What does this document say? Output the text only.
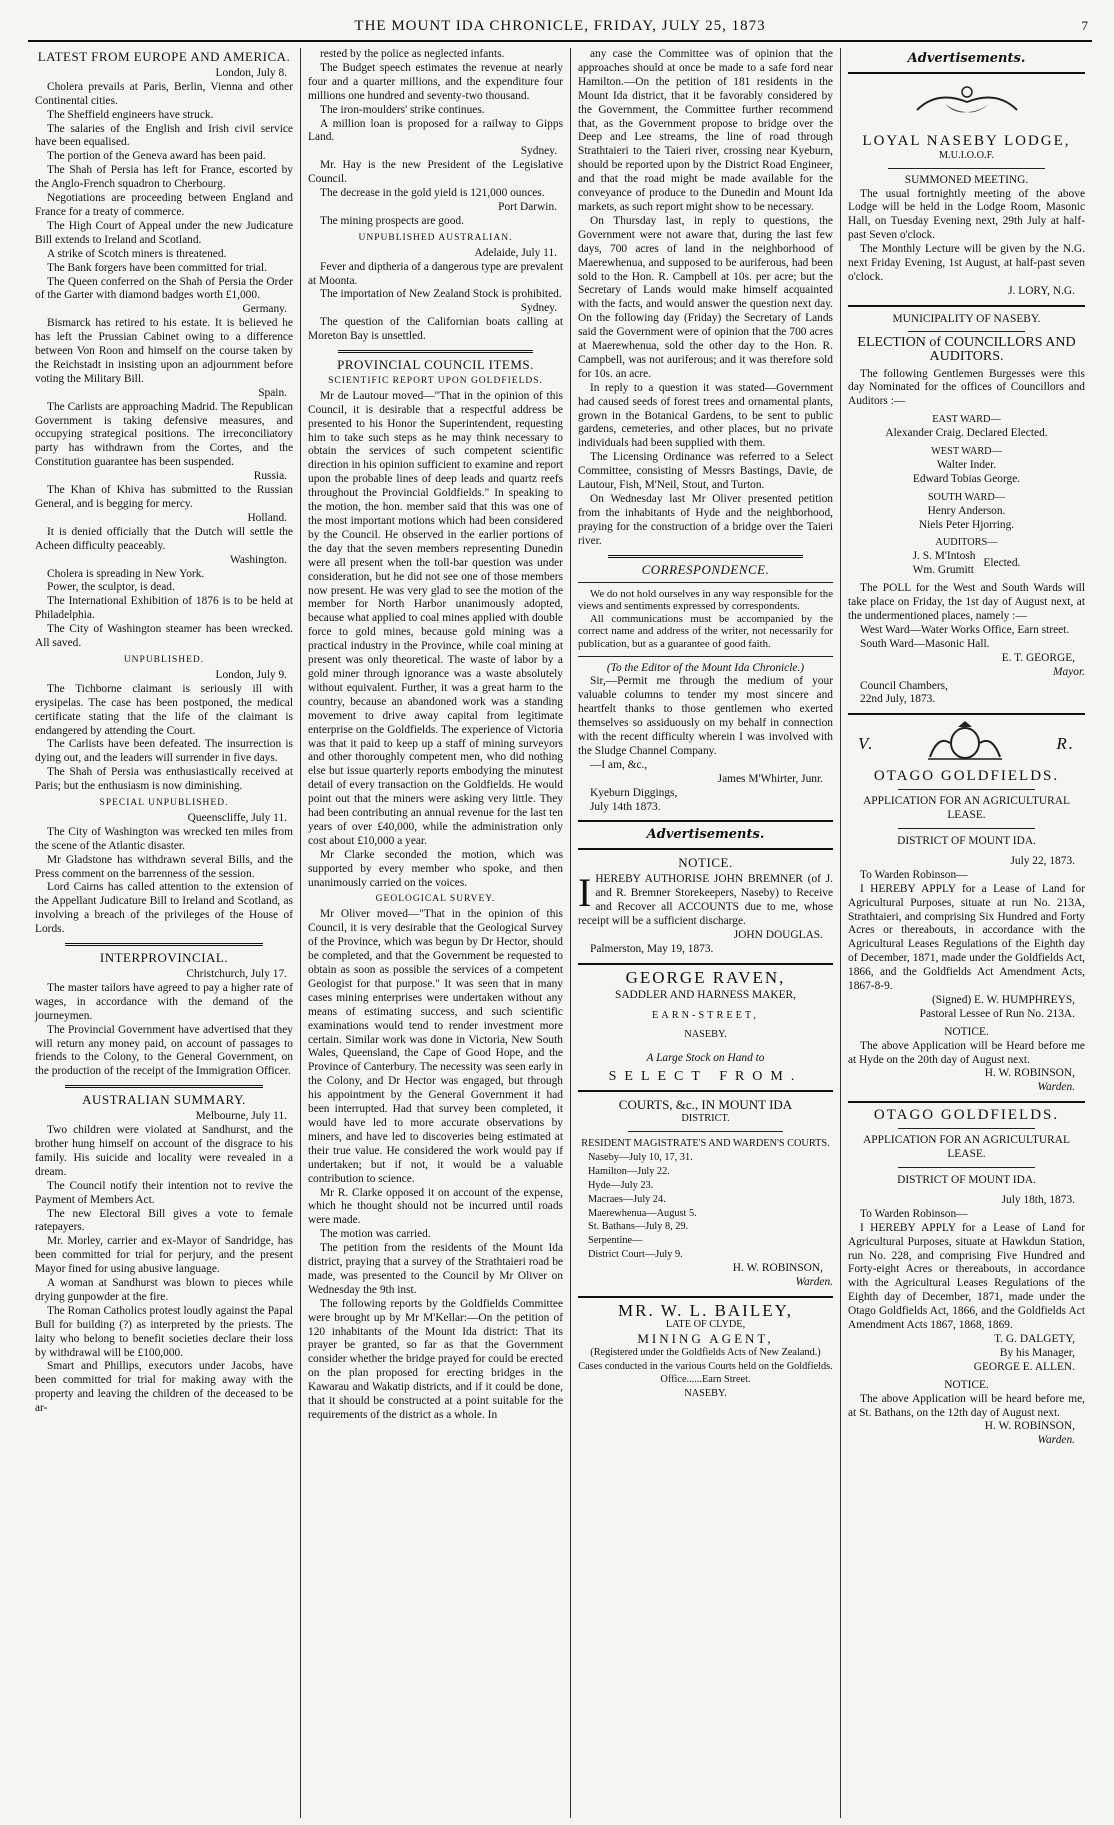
THE MOUNT IDA CHRONICLE, FRIDAY, JULY 25, 1873	7
LATEST FROM EUROPE AND AMERICA.

London, July 8.

Cholera prevails at Paris, Berlin, Vienna and other Continental cities.

The Sheffield engineers have struck.

The salaries of the English and Irish civil service have been equalised.

The portion of the Geneva award has been paid.

The Shah of Persia has left for France, escorted by the Anglo-French squadron to Cherbourg.

Negotiations are proceeding between England and France for a treaty of commerce.

The High Court of Appeal under the new Judicature Bill extends to Ireland and Scotland.

A strike of Scotch miners is threatened.

The Bank forgers have been committed for trial.

The Queen conferred on the Shah of Persia the Order of the Garter with diamond badges worth £1,000.

Germany.

Bismarck has retired to his estate. It is believed he has left the Prussian Cabinet owing to a difference between Von Roon and himself on the course taken by the Reichstadt in insisting upon an adjournment before voting the Military Bill.

Spain.

The Carlists are approaching Madrid. The Republican Government is taking defensive measures, and occupying strategical positions. The irreconciliatory party has withdrawn from the Cortes, and the Constitution guarantee has been suspended.

Russia.

The Khan of Khiva has submitted to the Russian General, and is begging for mercy.

Holland.

It is denied officially that the Dutch will settle the Acheen difficulty peaceably.

Washington.

Cholera is spreading in New York.

Power, the sculptor, is dead.

The International Exhibition of 1876 is to be held at Philadelphia.

The City of Washington steamer has been wrecked. All saved.

UNPUBLISHED.

London, July 9.

The Tichborne claimant is seriously ill with erysipelas. The case has been postponed, the medical certificate stating that the life of the claimant is endangered by attending the Court.

The Carlists have been defeated. The insurrection is dying out, and the leaders will surrender in five days.

The Shah of Persia was enthusiastically received at Paris; but the enthusiasm is now diminishing.

SPECIAL UNPUBLISHED.

Queenscliffe, July 11.

The City of Washington was wrecked ten miles from the scene of the Atlantic disaster.

Mr Gladstone has withdrawn several Bills, and the Press comment on the barrenness of the session.

Lord Cairns has called attention to the extension of the Appellant Judicature Bill to Ireland and Scotland, as involving a breach of the privileges of the House of Lords.

INTERPROVINCIAL.

Christchurch, July 17.

The master tailors have agreed to pay a higher rate of wages, in accordance with the demand of the journeymen.

The Provincial Government have advertised that they will return any money paid, on account of passages to friends to the Colony, to the General Government, on the production of the receipt of the Immigration Officer.

AUSTRALIAN SUMMARY.

Melbourne, July 11.

Two children were violated at Sandhurst, and the brother hung himself on account of the disgrace to his family. His suicide and locality were revealed in a dream.

The Council notify their intention not to revive the Payment of Members Act.

The new Electoral Bill gives a vote to female ratepayers.

Mr. Morley, carrier and ex-Mayor of Sandridge, has been committed for trial for perjury, and the present Mayor fined for using abusive language.

A woman at Sandhurst was blown to pieces while drying gunpowder at the fire.

The Roman Catholics protest loudly against the Papal Bull for building (?) as interpreted by the priests. The laity who belong to benefit societies declare their loss by withdrawal will be £100,000.

Smart and Phillips, executors under Jacobs, have been committed for trial for making away with the property and leaving the children of the deceased to be ar-

rested by the police as neglected infants.

The Budget speech estimates the revenue at nearly four and a quarter millions, and the expenditure four millions one hundred and seventy-two thousand.

The iron-moulders' strike continues.

A million loan is proposed for a railway to Gipps Land.

Sydney.

Mr. Hay is the new President of the Legislative Council.

The decrease in the gold yield is 121,000 ounces.

Port Darwin.

The mining prospects are good.

UNPUBLISHED AUSTRALIAN.

Adelaide, July 11.

Fever and diptheria of a dangerous type are prevalent at Moonta.

The importation of New Zealand Stock is prohibited.

Sydney.

The question of the Californian boats calling at Moreton Bay is unsettled.

PROVINCIAL COUNCIL ITEMS.

SCIENTIFIC REPORT UPON GOLDFIELDS.

Mr de Lautour moved—"That in the opinion of this Council, it is desirable that a respectful address be presented to his Honor the Superintendent, requesting him to take such steps as he may think necessary to obtain the services of such competent scientific direction in his opinion sufficient to examine and report upon the probable lines of deep leads and quartz reefs throughout the Provincial Goldfields." In speaking to the motion, the hon. member said that this was one of the most important motions which had been considered by the Council. He observed in the earlier portions of the day that the seven members representing Dunedin were all present when the toll-bar question was under consideration, but he did not see one of those members now present. He was very glad to see the motion of the member for North Harbor unanimously adopted, because what applied to coal mines applied with double force to gold mines, because gold mining was a practical industry in the Province, while coal mining at present was only theoretical. The waste of labor by a gold miner through ignorance was a waste absolutely without equivalent. Further, it was a great harm to the country, because an abandoned work was a standing movement to drive away capital from legitimate enterprise on the Goldfields. The experience of Victoria was that it paid to keep up a staff of mining surveyors and other thoroughly competent men, who did nothing else but issue quarterly reports embodying the minutest detail of every transaction on the Goldfields. He would point out that the miners were asking very little. They had been contributing an annual revenue for the last ten years of over £40,000, while the administration only cost about £10,000 a year.

Mr Clarke seconded the motion, which was supported by every member who spoke, and then unanimously carried on the voices.

GEOLOGICAL SURVEY.

Mr Oliver moved—"That in the opinion of this Council, it is very desirable that the Geological Survey of the Province, which was begun by Dr Hector, should be completed, and that the Government be requested to obtain as soon as possible the services of a competent Geologist for that purpose." It was seen that in many cases mining enterprises were undertaken without any means of estimating success, and such scientific examinations would tend to render investment more certain. Similar work was done in Victoria, New South Wales, Queensland, the Cape of Good Hope, and the Province of Canterbury. The necessity was seen early in the Colony, and Dr Hector was engaged, but through his appointment by the General Government it had been interrupted. Had that survey been completed, it would have led to more accurate observations by miners, and have led to discoveries being estimated at their true value. He considered the work would pay if undertaken; but if not, it would be a valuable contribution to science.

Mr R. Clarke opposed it on account of the expense, which he thought should not be incurred until roads were made.

The motion was carried.

The petition from the residents of the Mount Ida district, praying that a survey of the Strathtaieri road be made, was presented to the Council by Mr Oliver on Wednesday the 9th inst.

The following reports by the Goldfields Committee were brought up by Mr M'Kellar:—On the petition of 120 inhabitants of the Mount Ida district: That its prayer be granted, so far as that the Government consider whether the bridge prayed for could be erected on the plan proposed for erecting bridges in the Kawarau and Wakatip districts, and if it could be done, that it should be constructed at a point suitable for the requirements of the district as a whole. In

any case the Committee was of opinion that the approaches should at once be made to a safe ford near Hamilton.—On the petition of 181 residents in the Mount Ida district, that it be favorably considered by the Government, the Committee further recommend that, as the Government propose to bridge over the Deep and Lee streams, the line of road through Strathtaieri to the Taieri river, crossing near Kyeburn, should be reported upon by the District Road Engineer, and that the road might be made available for the conveyance of produce to the Dunedin and Mount Ida markets, as such report might show to be necessary.

On Thursday last, in reply to questions, the Government were not aware that, during the last few days, 700 acres of land in the neighborhood of Maerewhenua, and supposed to be auriferous, had been sold to the Hon. R. Campbell at 10s. per acre; but the Secretary of Lands would make himself acquainted with the facts, and would answer the question next day. On the following day (Friday) the Secretary of Lands said the Government were of opinion that the 700 acres at Maerewhenua, sold the other day to the Hon. R. Campbell, was not auriferous; and it was therefore sold for 10s. an acre.

In reply to a question it was stated—Government had caused seeds of forest trees and ornamental plants, grown in the Botanical Gardens, to be sent to public gardens, cemeteries, and other places, but no private individuals had been supplied with them.

The Licensing Ordinance was referred to a Select Committee, consisting of Messrs Bastings, Davie, de Lautour, Fish, M'Neil, Stout, and Turton.

On Wednesday last Mr Oliver presented petition from the inhabitants of Hyde and the neighborhood, praying for the construction of a bridge over the Taieri river.

CORRESPONDENCE.

We do not hold ourselves in any way responsible for the views and sentiments expressed by correspondents.

All communications must be accompanied by the correct name and address of the writer, not necessarily for publication, but as a guarantee of good faith.

(To the Editor of the Mount Ida Chronicle.)

Sir,—Permit me through the medium of your valuable columns to tender my most sincere and heartfelt thanks to those gentlemen who exerted themselves so assiduously on my behalf in connection with the recent difficulty wherein I was involved with the Sludge Channel Company.

—I am, &c.,

James M'Whirter, Junr.

Kyeburn Diggings,

July 14th 1873.

Advertisements.
NOTICE.
I HEREBY AUTHORISE JOHN BREMNER (of J. and R. Bremner Storekeepers, Naseby) to Receive and Recover all ACCOUNTS due to me, whose receipt will be a sufficient discharge.

JOHN DOUGLAS.

Palmerston, May 19, 1873.

GEORGE RAVEN,
SADDLER AND HARNESS MAKER,
EARN-STREET,
NASEBY.
A Large Stock on Hand to
SELECT FROM.
COURTS, &c., IN MOUNT IDA
DISTRICT.
RESIDENT MAGISTRATE'S AND WARDEN'S COURTS.
Naseby—July 10, 17, 31.
Hamilton—July 22.
Hyde—July 23.
Macraes—July 24.
Maerewhenua—August 5.
St. Bathans—July 8, 29.
Serpentine—
District Court—July 9.

H. W. ROBINSON,

Warden.

MR. W. L. BAILEY,
LATE OF CLYDE,
MINING AGENT,
(Registered under the Goldfields Acts of New Zealand.)
Cases conducted in the various Courts held on the Goldfields.
Office......Earn Street.
NASEBY.
Advertisements.
LOYAL NASEBY LODGE,
M.U.I.O.O.F.
SUMMONED MEETING.

The usual fortnightly meeting of the above Lodge will be held in the Lodge Room, Masonic Hall, on Tuesday Evening next, 29th July at half-past Seven o'clock.

The Monthly Lecture will be given by the N.G. next Friday Evening, 1st August, at half-past seven o'clock.

J. LORY, N.G.

MUNICIPALITY OF NASEBY.
ELECTION of COUNCILLORS AND AUDITORS.

The following Gentlemen Burgesses were this day Nominated for the offices of Councillors and Auditors :—

EAST WARD—
Alexander Craig. Declared Elected.
WEST WARD—
Walter Inder.
Edward Tobias George.
SOUTH WARD—
Henry Anderson.
Niels Peter Hjorring.
AUDITORS—
J. S. M'Intosh
Wm. Grumitt
Elected.

The POLL for the West and South Wards will take place on Friday, the 1st day of August next, at the undermentioned places, namely :—

West Ward—Water Works Office, Earn street.

South Ward—Masonic Hall.

E. T. GEORGE,

Mayor.

Council Chambers,

22nd July, 1873.

V.	R.
OTAGO GOLDFIELDS.
APPLICATION FOR AN AGRICULTURAL LEASE.
DISTRICT OF MOUNT IDA.

July 22, 1873.

To Warden Robinson—

I HEREBY APPLY for a Lease of Land for Agricultural Purposes, situate at run No. 213A, Strathtaieri, and comprising Six Hundred and Forty Acres or thereabouts, in accordance with the Agricultural Leases Regulations of the Eighth day of December, 1871, made under the Goldfields Act, 1866, and the Goldfields Act Amendment Acts, 1867-8-9.

(Signed) E. W. HUMPHREYS,

Pastoral Lessee of Run No. 213A.

NOTICE.

The above Application will be Heard before me at Hyde on the 20th day of August next.

H. W. ROBINSON,

Warden.

OTAGO GOLDFIELDS.
APPLICATION FOR AN AGRICULTURAL LEASE.
DISTRICT OF MOUNT IDA.

July 18th, 1873.

To Warden Robinson—

I HEREBY APPLY for a Lease of Land for Agricultural Purposes, situate at Hawkdun Station, run No. 228, and comprising Five Hundred and Forty-eight Acres or thereabouts, in accordance with the Agricultural Leases Regulations of the Eighth day of December, 1871, made under the Otago Goldfields Act, 1866, and the Goldfields Act Amendment Acts 1867, 1868, 1869.

T. G. DALGETY,

By his Manager,

GEORGE E. ALLEN.

NOTICE.

The above Application will be heard before me, at St. Bathans, on the 12th day of August next.

H. W. ROBINSON,

Warden.
